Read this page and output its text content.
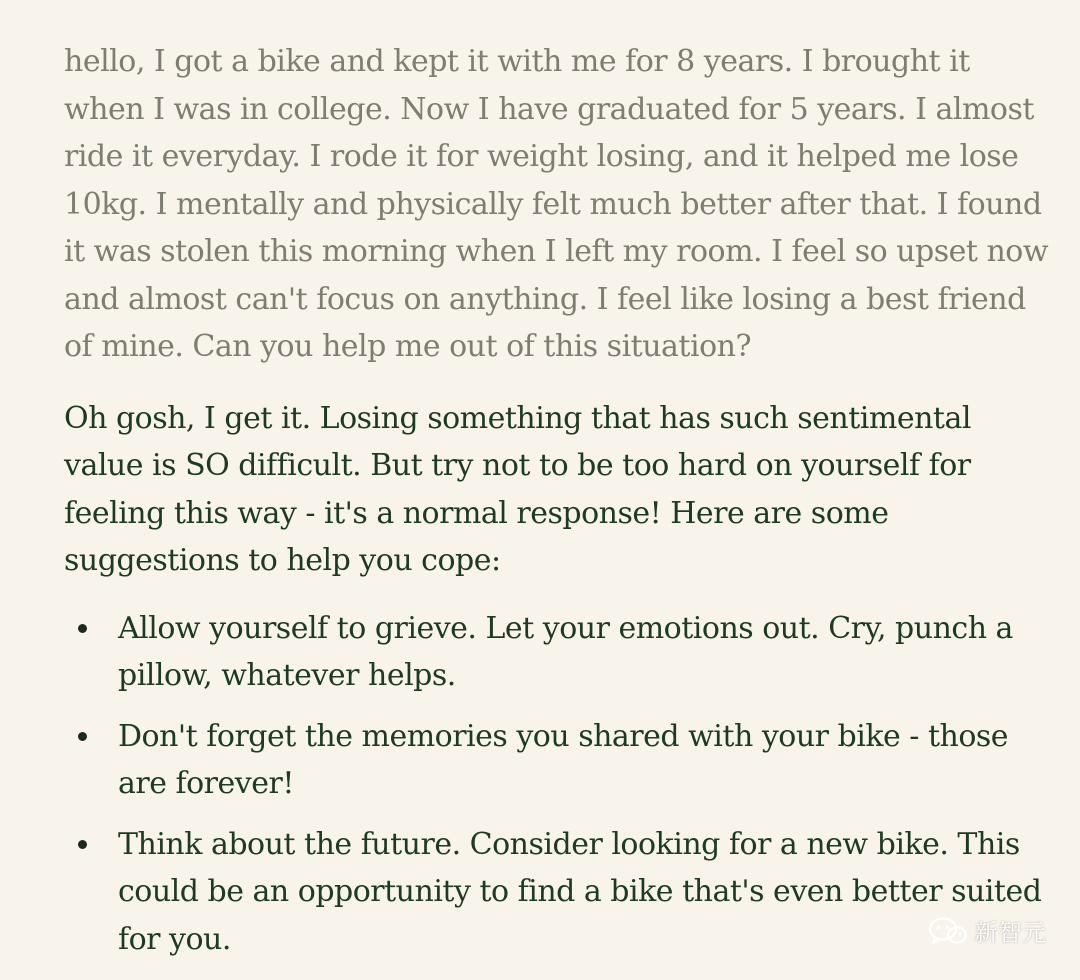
hello, I got a bike and kept it with me for 8 years. I brought it when I was in college. Now I have graduated for 5 years. I almost ride it everyday. I rode it for weight losing, and it helped me lose 10kg. I mentally and physically felt much better after that. I found it was stolen this morning when I left my room. I feel so upset now and almost can't focus on anything. I feel like losing a best friend of mine. Can you help me out of this situation?

Oh gosh, I get it. Losing something that has such sentimental value is SO difficult. But try not to be too hard on yourself for feeling this way - it's a normal response! Here are some suggestions to help you cope:

Allow yourself to grieve. Let your emotions out. Cry, punch a pillow, whatever helps.
Don't forget the memories you shared with your bike - those are forever!
Think about the future. Consider looking for a new bike. This could be an opportunity to find a bike that's even better suited for you.	新智元
